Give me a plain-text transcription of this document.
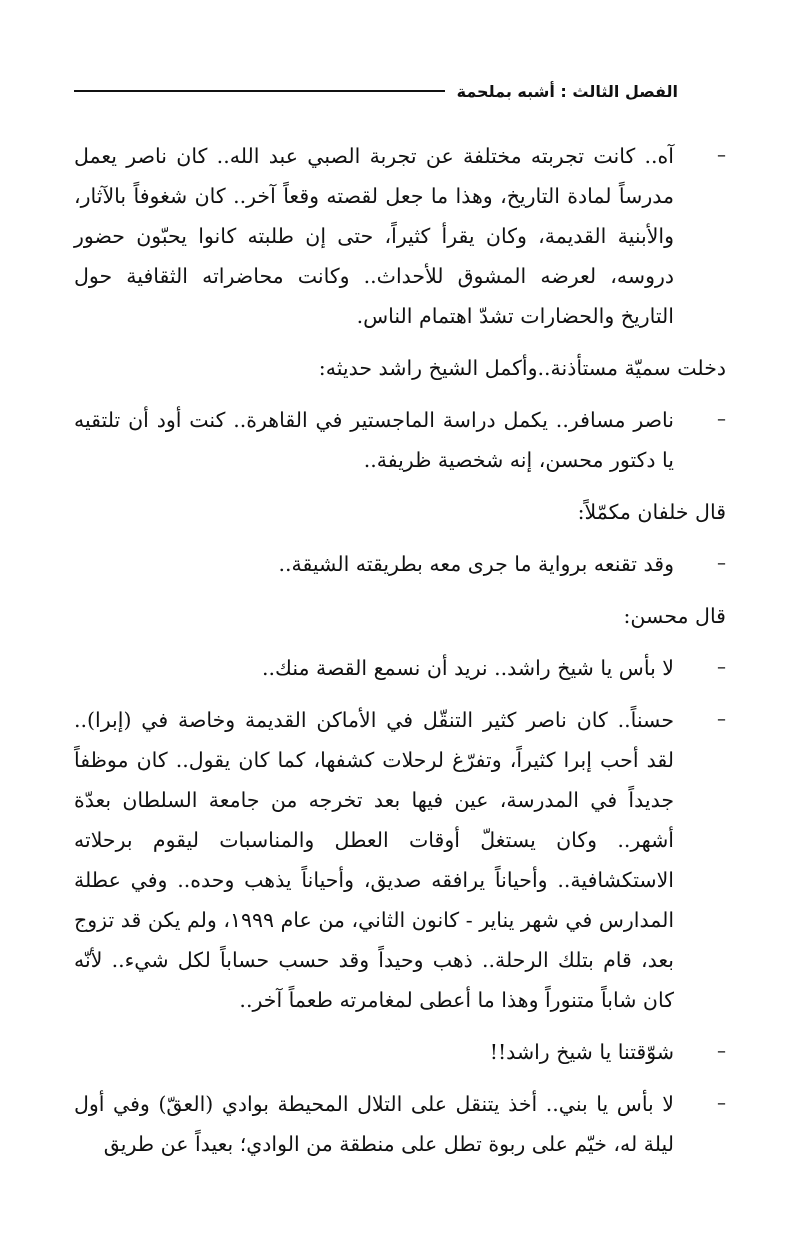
الفصل الثالث : أشبه بملحمة

–
آه.. كانت تجربته مختلفة عن تجربة الصبي عبد الله.. كان ناصر يعمل مدرساً لمادة التاريخ، وهذا ما جعل لقصته وقعاً آخر.. كان شغوفاً بالآثار، والأبنية القديمة، وكان يقرأ كثيراً، حتى إن طلبته كانوا يحبّون حضور دروسه، لعرضه المشوق للأحداث.. وكانت محاضراته الثقافية حول التاريخ والحضارات تشدّ اهتمام الناس.

دخلت سميّة مستأذنة..وأكمل الشيخ راشد حديثه:

–
ناصر مسافر.. يكمل دراسة الماجستير في القاهرة.. كنت أود أن تلتقيه يا دكتور محسن، إنه شخصية ظريفة..

قال خلفان مكمّلاً:

–
وقد تقنعه برواية ما جرى معه بطريقته الشيقة..

قال محسن:

–
لا بأس يا شيخ راشد.. نريد أن نسمع القصة منك..

–
حسناً.. كان ناصر كثير التنقّل في الأماكن القديمة وخاصة في (إبرا).. لقد أحب إبرا كثيراً، وتفرّغ لرحلات كشفها، كما كان يقول.. كان موظفاً جديداً في المدرسة، عين فيها بعد تخرجه من جامعة السلطان بعدّة أشهر.. وكان يستغلّ أوقات العطل والمناسبات ليقوم برحلاته الاستكشافية.. وأحياناً يرافقه صديق، وأحياناً يذهب وحده.. وفي عطلة المدارس في شهر يناير - كانون الثاني، من عام ١٩٩٩، ولم يكن قد تزوج بعد، قام بتلك الرحلة.. ذهب وحيداً وقد حسب حساباً لكل شيء.. لأنّه كان شاباً متنوراً وهذا ما أعطى لمغامرته طعماً آخر..

–
شوّقتنا يا شيخ راشد!!

–
لا بأس يا بني.. أخذ يتنقل على التلال المحيطة بوادي (العقّ) وفي أول ليلة له، خيّم على ربوة تطل على منطقة من الوادي؛ بعيداً عن طريق
